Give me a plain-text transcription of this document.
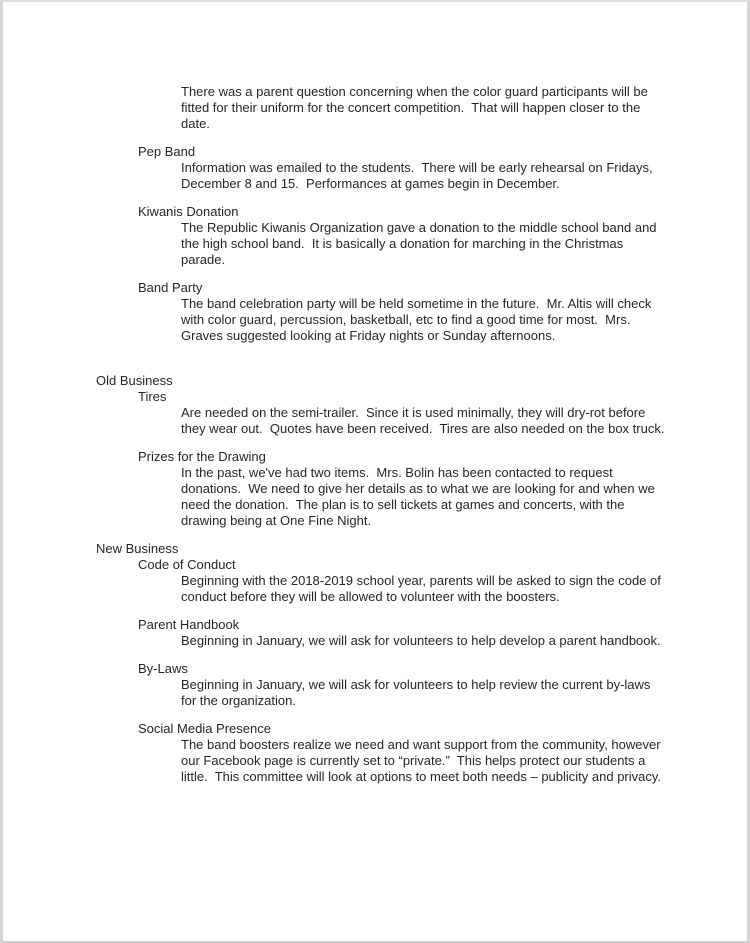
There was a parent question concerning when the color guard participants will be fitted for their uniform for the concert competition.  That will happen closer to the date.

Pep Band

Information was emailed to the students.  There will be early rehearsal on Fridays, December 8 and 15.  Performances at games begin in December.

Kiwanis Donation

The Republic Kiwanis Organization gave a donation to the middle school band and the high school band.  It is basically a donation for marching in the Christmas parade.

Band Party

The band celebration party will be held sometime in the future.  Mr. Altis will check with color guard, percussion, basketball, etc to find a good time for most.  Mrs. Graves suggested looking at Friday nights or Sunday afternoons.

Old Business
Tires

Are needed on the semi-trailer.  Since it is used minimally, they will dry-rot before they wear out.  Quotes have been received.  Tires are also needed on the box truck.

Prizes for the Drawing

In the past, we've had two items.  Mrs. Bolin has been contacted to request donations.  We need to give her details as to what we are looking for and when we need the donation.  The plan is to sell tickets at games and concerts, with the drawing being at One Fine Night.

New Business
Code of Conduct

Beginning with the 2018-2019 school year, parents will be asked to sign the code of conduct before they will be allowed to volunteer with the boosters.

Parent Handbook

Beginning in January, we will ask for volunteers to help develop a parent handbook.

By-Laws

Beginning in January, we will ask for volunteers to help review the current by-laws for the organization.

Social Media Presence

The band boosters realize we need and want support from the community, however our Facebook page is currently set to “private.”  This helps protect our students a little.  This committee will look at options to meet both needs – publicity and privacy.
